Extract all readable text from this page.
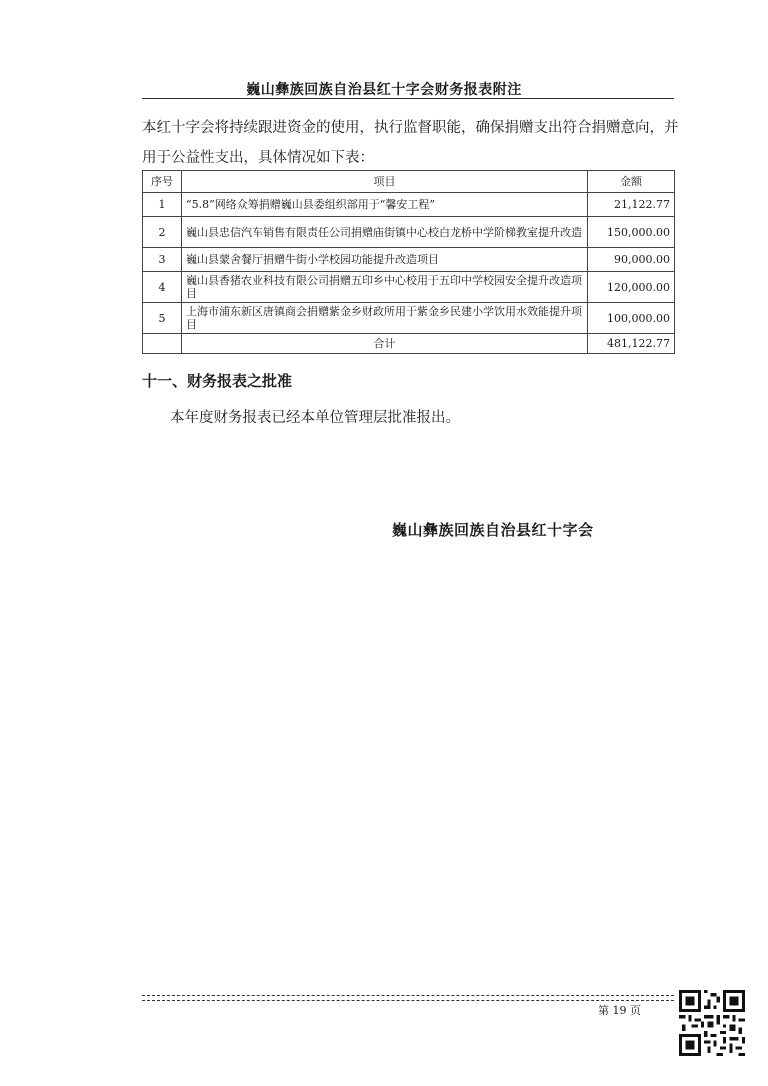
巍山彝族回族自治县红十字会财务报表附注
本红十字会将持续跟进资金的使用，执行监督职能，确保捐赠支出符合捐赠意向，并用于公益性支出，具体情况如下表：
序号	项目	金额
1	“5.8”网络众筹捐赠巍山县委组织部用于“馨安工程”	21,122.77
2	巍山县忠信汽车销售有限责任公司捐赠庙街镇中心校白龙桥中学阶梯教室提升改造	150,000.00
3	巍山县蒙舍餐厅捐赠牛街小学校园功能提升改造项目	90,000.00
4	巍山县香猪农业科技有限公司捐赠五印乡中心校用于五印中学校园安全提升改造项目	120,000.00
5	上海市浦东新区唐镇商会捐赠紫金乡财政所用于紫金乡民建小学饮用水效能提升项目	100,000.00
	合计	481,122.77
十一、财务报表之批准
本年度财务报表已经本单位管理层批准报出。
巍山彝族回族自治县红十字会
第 19 页
